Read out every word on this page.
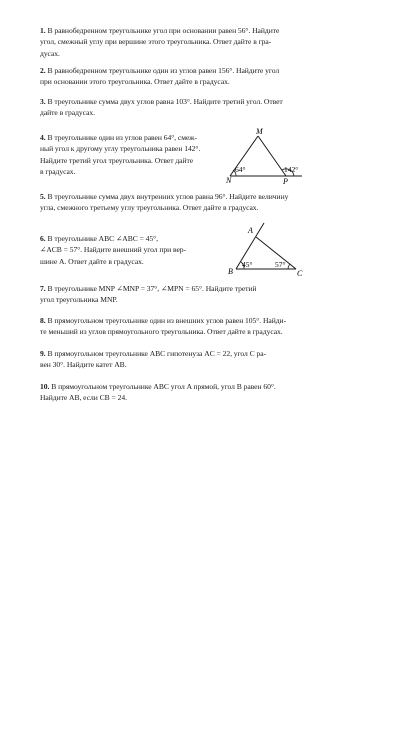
1. В равнобедренном треугольнике угол при основании равен 56°. Найдите
угол, смежный углу при вершине этого треугольника. Ответ дайте в гра-
дусах.
2. В равнобедренном треугольнике один из углов равен 156°. Найдите угол
при основании этого треугольника. Ответ дайте в градусах.
3. В треугольнике сумма двух углов равна 103°. Найдите третий угол. Ответ
дайте в градусах.
4. В треугольнике один из углов равен 64°, смеж-
ный угол к другому углу треугольника равен 142°.
Найдите третий угол треугольника. Ответ дайте
в градусах.
M
N	P
64°	142°
5. В треугольнике сумма двух внутренних углов равна 96°. Найдите величину
угла, смежного третьему углу треугольника. Ответ дайте в градусах.
6. В треугольнике ABC ∠ABC = 45°,
∠ACB = 57°. Найдите внешний угол при вер-
шине A. Ответ дайте в градусах.
A
B	C
45°	57°
7. В треугольнике MNP ∠MNP = 37°, ∠MPN = 65°. Найдите третий
угол треугольника MNP.
8. В прямоугольном треугольнике один из внешних углов равен 105°. Найди-
те меньший из углов прямоугольного треугольника. Ответ дайте в градусах.
9. В прямоугольном треугольнике ABC гипотенуза AC = 22, угол C ра-
вен 30°. Найдите катет AB.
10. В прямоугольном треугольнике ABC угол A прямой, угол B равен 60°.
Найдите AB, если CB = 24.
